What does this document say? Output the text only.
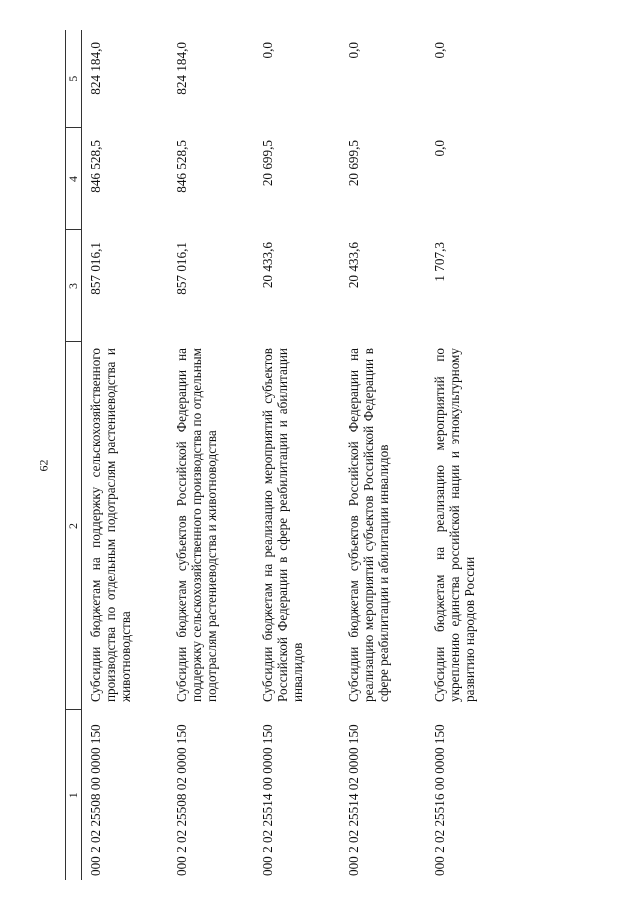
62
1	2	3	4	5
000 2 02 25508 00 0000 150	Субсидии бюджетам на поддержку сельскохозяйственного производства по отдельным подотраслям растениеводства и животноводства	857 016,1	846 528,5	824 184,0
000 2 02 25508 02 0000 150	Субсидии бюджетам субъектов Российской Федерации на поддержку сельскохозяйственного производства по отдельным подотраслям растениеводства и животноводства	857 016,1	846 528,5	824 184,0
000 2 02 25514 00 0000 150	Субсидии бюджетам на реализацию мероприятий субъектов Российской Федерации в сфере реабилитации и абилитации инвалидов	20 433,6	20 699,5	0,0
000 2 02 25514 02 0000 150	Субсидии бюджетам субъектов Российской Федерации на реализацию мероприятий субъектов Российской Федерации в сфере реабилитации и абилитации инвалидов	20 433,6	20 699,5	0,0
000 2 02 25516 00 0000 150	Субсидии бюджетам на реализацию мероприятий по укреплению единства российской нации и этнокультурному развитию народов России	1 707,3	0,0	0,0
